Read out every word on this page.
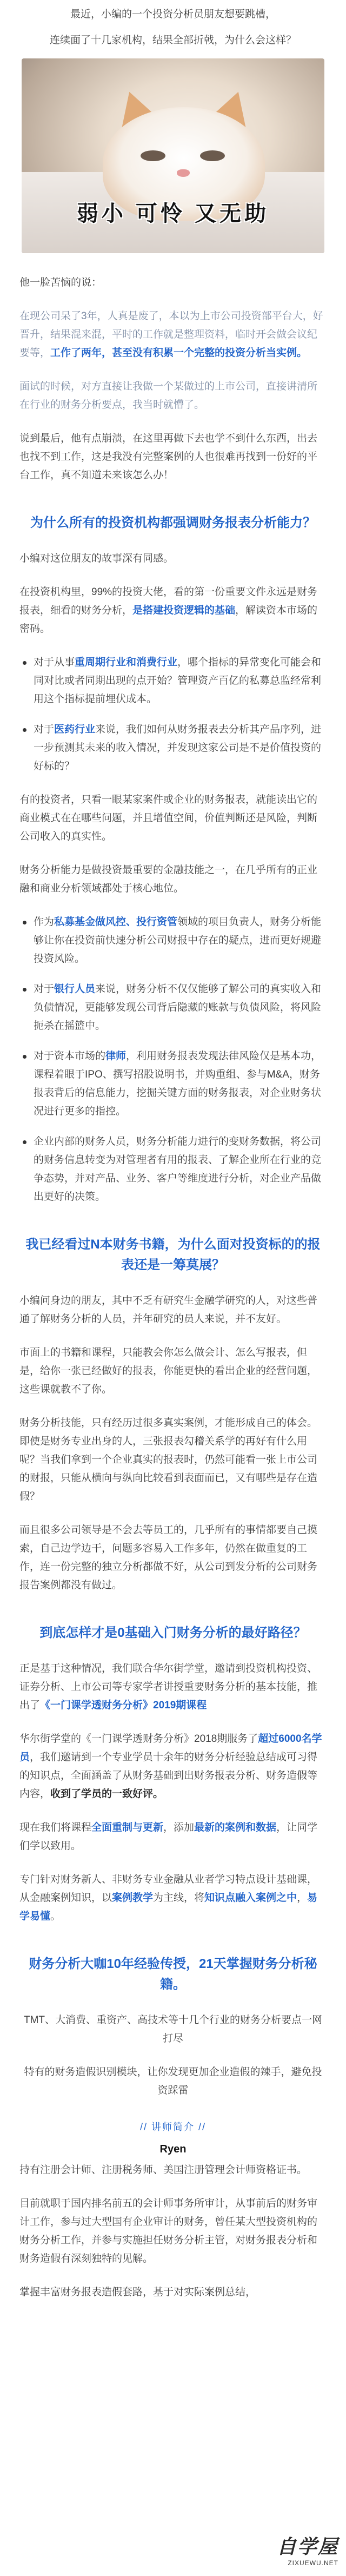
最近，小编的一个投资分析员朋友想要跳槽，

连续面了十几家机构，结果全部折戟，为什么会这样？

弱小 可怜 又无助

他一脸苦恼的说：

在现公司呆了3年，人真是废了，本以为上市公司投资部平台大，好晋升，结果混来混，平时的工作就是整理资料，临时开会做会议纪要等，工作了两年，甚至没有积累一个完整的投资分析当实例。

面试的时候，对方直接让我做一个某做过的上市公司，直接讲清所在行业的财务分析要点，我当时就懵了。

说到最后，他有点崩溃，在这里再做下去也学不到什么东西，出去也找不到工作，这是我没有完整案例的人也很难再找到一份好的平台工作，真不知道未来该怎么办！

为什么所有的投资机构都强调财务报表分析能力？

小编对这位朋友的故事深有同感。

在投资机构里，99%的投资大佬，看的第一份重要文件永远是财务报表，细看的财务分析，是搭建投资逻辑的基础，解读资本市场的密码。

对于从事重周期行业和消费行业，哪个指标的异常变化可能会和同对比或者同期出现的点开始？管理资产百亿的私募总监经常利用这个指标提前埋伏成本。
对于医药行业来说，我们如何从财务报表去分析其产品序列，进一步预测其未来的收入情况，并发现这家公司是不是价值投资的好标的？

有的投资者，只看一眼某家案件或企业的财务报表，就能读出它的商业模式在在哪些问题，并且增值空间，价值判断还是风险，判断公司收入的真实性。

财务分析能力是做投资最重要的金融技能之一，在几乎所有的正业融和商业分析领域都处于核心地位。

作为私募基金做风控、投行资管领域的项目负责人，财务分析能够让你在投资前快速分析公司财报中存在的疑点，进而更好规避投资风险。
对于银行人员来说，财务分析不仅仅能够了解公司的真实收入和负债情况，更能够发现公司背后隐藏的账款与负债风险，将风险扼杀在摇篮中。
对于资本市场的律师，利用财务报表发现法律风险仅是基本功，课程着眼于IPO、撰写招股说明书，并购重组、参与M&A，财务报表背后的信息能力，挖掘关键方面的财务报表，对企业财务状况进行更多的指控。
企业内部的财务人员，财务分析能力进行的变财务数据，将公司的财务信息转变为对管理者有用的报表、了解企业所在行业的竞争态势，并对产品、业务、客户等维度进行分析，对企业产品做出更好的决策。
我已经看过N本财务书籍，为什么面对投资标的的报表还是一筹莫展？

小编问身边的朋友，其中不乏有研究生金融学研究的人，对这些普通了解财务分析的人员，并年研究的员人来说，并不友好。

市面上的书籍和课程，只能教会你怎么做会计、怎么写报表，但是，给你一张已经做好的报表，你能更快的看出企业的经营问题，这些课就教不了你。

财务分析技能，只有经历过很多真实案例，才能形成自己的体会。即使是财务专业出身的人，三张报表勾稽关系学的再好有什么用呢？当我们拿到一个企业真实的报表时，仍然可能看一张上市公司的财报，只能从横向与纵向比较看到表面而已，又有哪些是存在造假？

而且很多公司领导是不会去等员工的，几乎所有的事情都要自己摸索，自己边学边干，问题多容易入工作多年，仍然在做重复的工作，连一份完整的独立分析都做不好，从公司到发分析的公司财务报告案例都没有做过。

到底怎样才是0基础入门财务分析的最好路径？

正是基于这种情况，我们联合华尔街学堂，邀请到投资机构投资、证券分析、上市公司等专家学者讲授重要财务分析的基本技能，推出了《一门课学透财务分析》2019期课程

华尔街学堂的《一门课学透财务分析》2018期服务了超过6000名学员，我们邀请到一个专业学员十余年的财务分析经验总结成可习得的知识点，全面涵盖了从财务基础到出财务报表分析、财务造假等内容，收到了学员的一致好评。

现在我们将课程全面重制与更新，添加最新的案例和数据，让同学们学以致用。

专门针对财务新人、非财务专业金融从业者学习特点设计基础课，从金融案例知识，以案例教学为主线，将知识点融入案例之中，易学易懂。

财务分析大咖10年经验传授，21天掌握财务分析秘籍。

TMT、大消费、重资产、高技术等十几个行业的财务分析要点一网打尽

特有的财务造假识别模块，让你发现更加企业造假的辣手，避免投资踩雷

// 讲师简介 //
Ryen

持有注册会计师、注册税务师、美国注册管理会计师资格证书。

目前就职于国内排名前五的会计师事务所审计，从事前后的财务审计工作，参与过大型国有企业审计的财务，曾任某大型投资机构的财务分析工作，并参与实施担任财务分析主管，对财务报表分析和财务造假有深刻独特的见解。

掌握丰富财务报表造假套路，基于对实际案例总结，

自学屋
ZIXUEWU.NET
